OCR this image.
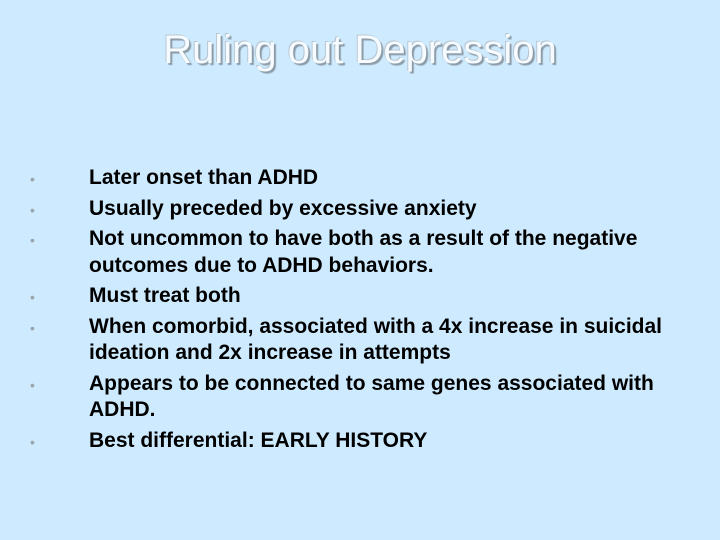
Ruling out Depression
•	Later onset than ADHD
•	Usually preceded by excessive anxiety
•	Not uncommon to have both as a result of the negative outcomes due to ADHD behaviors.
•	Must treat both
•	When comorbid, associated with a 4x increase in suicidal ideation and 2x increase in attempts
•	Appears to be connected to same genes associated with ADHD.
•	Best differential: EARLY HISTORY
